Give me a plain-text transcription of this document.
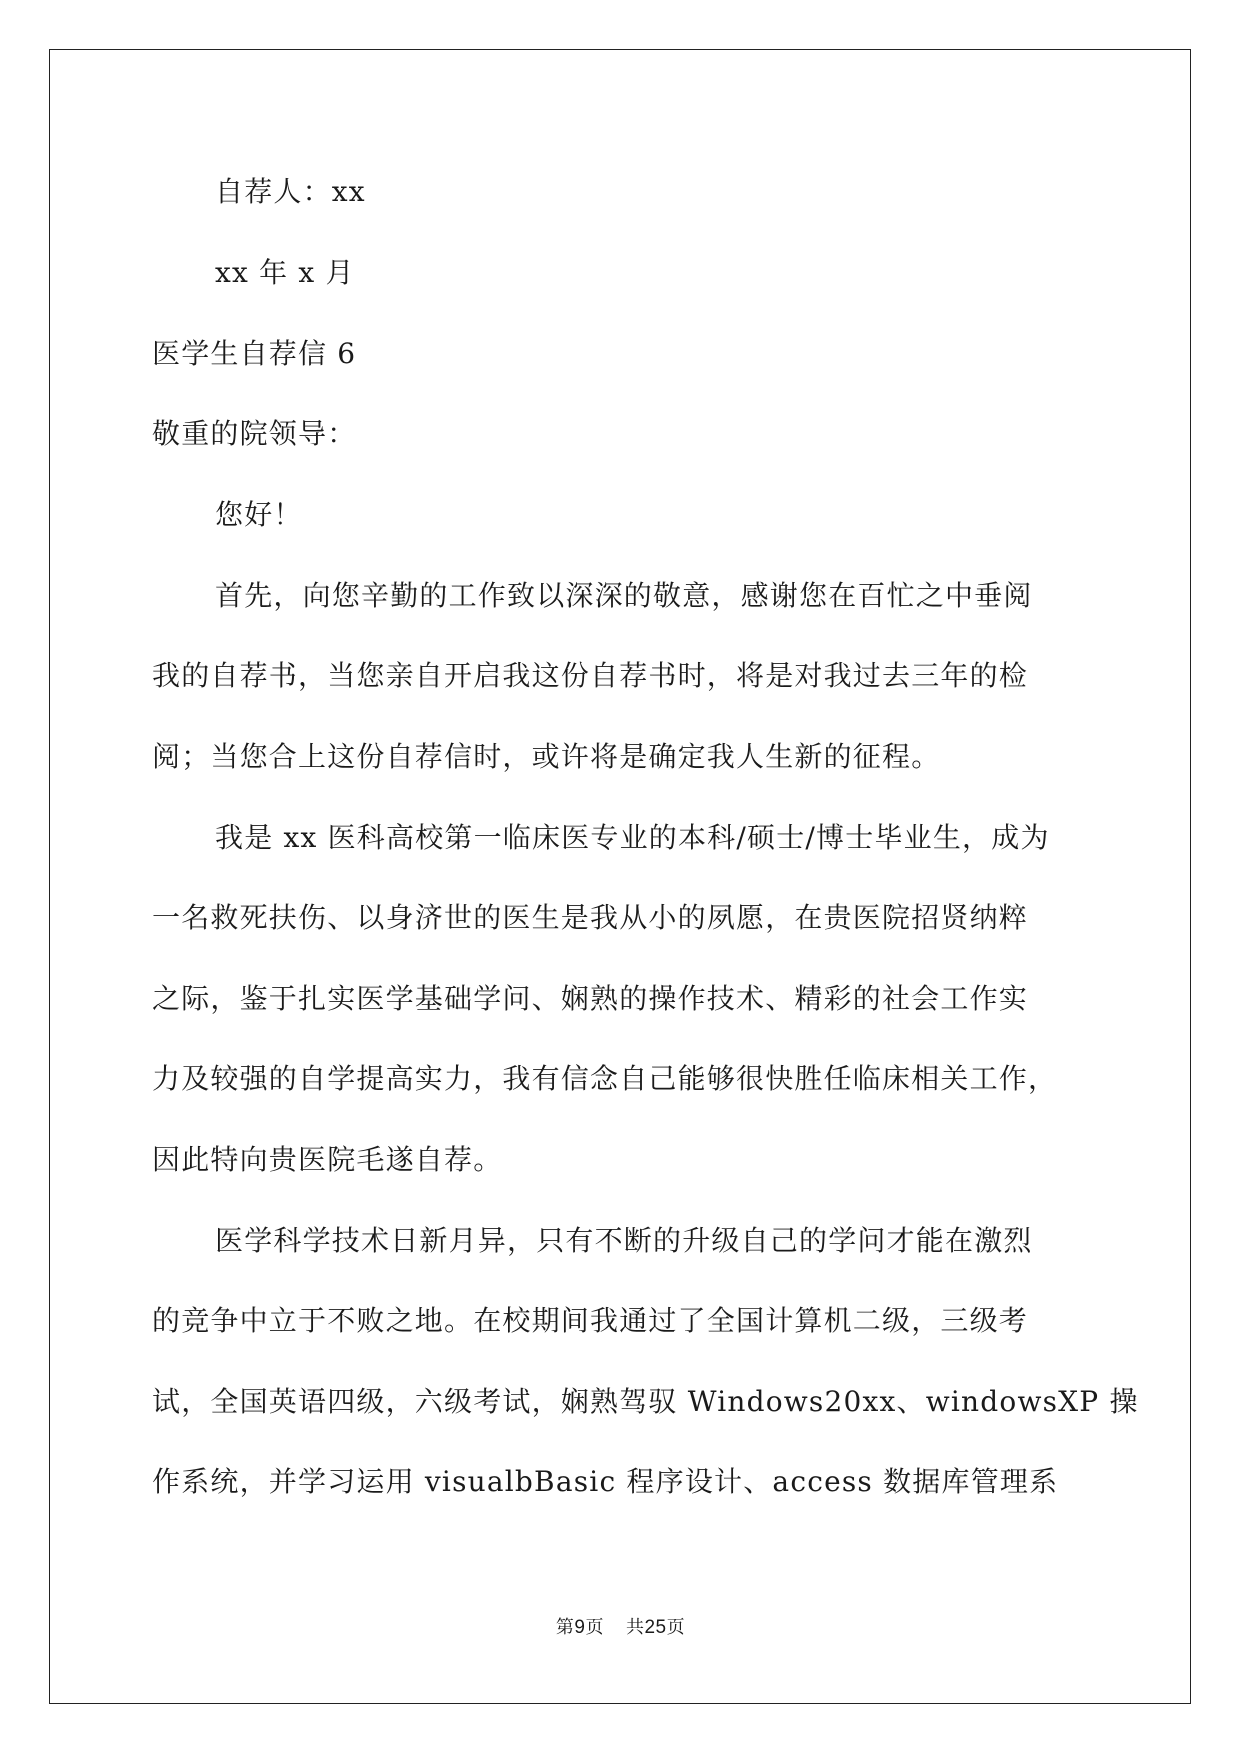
自荐人：xx
xx 年 x 月
医学生自荐信 6
敬重的院领导：
您好！
首先，向您辛勤的工作致以深深的敬意，感谢您在百忙之中垂阅
我的自荐书，当您亲自开启我这份自荐书时，将是对我过去三年的检
阅；当您合上这份自荐信时，或许将是确定我人生新的征程。
我是 xx 医科高校第一临床医专业的本科/硕士/博士毕业生，成为
一名救死扶伤、以身济世的医生是我从小的夙愿，在贵医院招贤纳粹
之际，鉴于扎实医学基础学问、娴熟的操作技术、精彩的社会工作实
力及较强的自学提高实力，我有信念自己能够很快胜任临床相关工作，
因此特向贵医院毛遂自荐。
医学科学技术日新月异，只有不断的升级自己的学问才能在激烈
的竞争中立于不败之地。在校期间我通过了全国计算机二级，三级考
试，全国英语四级，六级考试，娴熟驾驭 Windows20xx、windowsXP 操
作系统，并学习运用 visualbBasic 程序设计、access 数据库管理系
第9页 共25页
